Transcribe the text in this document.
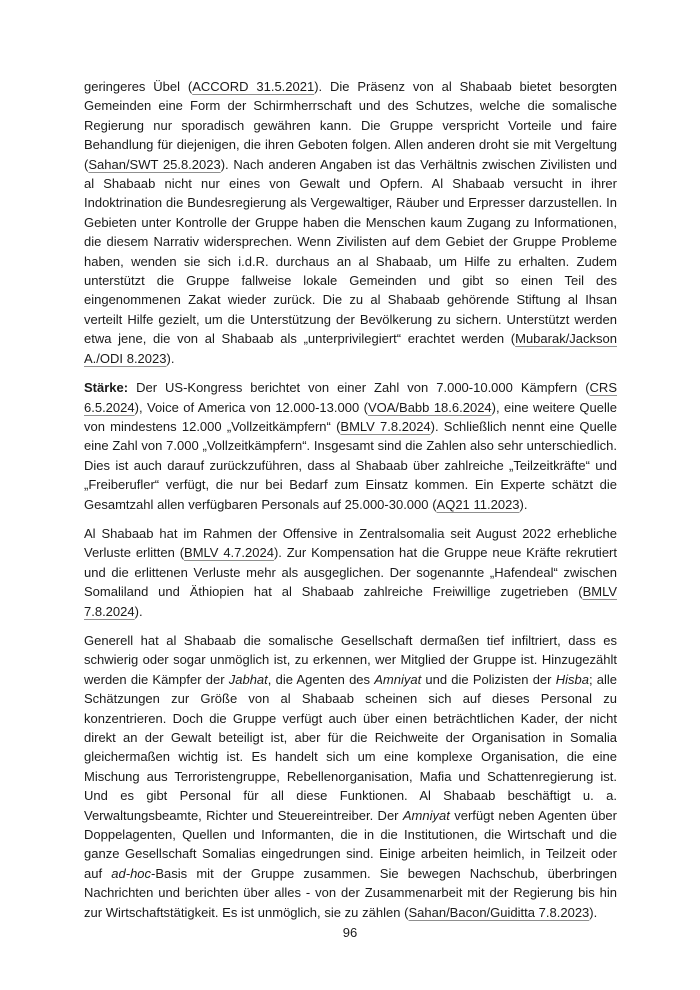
geringeres Übel (ACCORD 31.5.2021). Die Präsenz von al Shabaab bietet besorgten Gemeinden eine Form der Schirmherrschaft und des Schutzes, welche die somalische Regierung nur sporadisch gewähren kann. Die Gruppe verspricht Vorteile und faire Behandlung für diejenigen, die ihren Geboten folgen. Allen anderen droht sie mit Vergeltung (Sahan/SWT 25.8.2023). Nach anderen Angaben ist das Verhältnis zwischen Zivilisten und al Shabaab nicht nur eines von Gewalt und Opfern. Al Shabaab versucht in ihrer Indoktrination die Bundesregierung als Vergewaltiger, Räuber und Erpresser darzustellen. In Gebieten unter Kontrolle der Gruppe haben die Menschen kaum Zugang zu Informationen, die diesem Narrativ widersprechen. Wenn Zivilisten auf dem Gebiet der Gruppe Probleme haben, wenden sie sich i.d.R. durchaus an al Shabaab, um Hilfe zu erhalten. Zudem unterstützt die Gruppe fallweise lokale Gemeinden und gibt so einen Teil des eingenommenen Zakat wieder zurück. Die zu al Shabaab gehörende Stiftung al Ihsan verteilt Hilfe gezielt, um die Unterstützung der Bevölkerung zu sichern. Unterstützt werden etwa jene, die von al Shabaab als „unterprivilegiert“ erachtet werden (Mubarak/Jackson A./ODI 8.2023).

Stärke: Der US-Kongress berichtet von einer Zahl von 7.000-10.000 Kämpfern (CRS 6.5.2024), Voice of America von 12.000-13.000 (VOA/Babb 18.6.2024), eine weitere Quelle von mindestens 12.000 „Vollzeitkämpfern“ (BMLV 7.8.2024). Schließlich nennt eine Quelle eine Zahl von 7.000 „Vollzeitkämpfern“. Insgesamt sind die Zahlen also sehr unterschiedlich. Dies ist auch darauf zurückzuführen, dass al Shabaab über zahlreiche „Teilzeitkräfte“ und „Freiberufler“ verfügt, die nur bei Bedarf zum Einsatz kommen. Ein Experte schätzt die Gesamtzahl allen verfügbaren Personals auf 25.000-30.000 (AQ21 11.2023).

Al Shabaab hat im Rahmen der Offensive in Zentralsomalia seit August 2022 erhebliche Verluste erlitten (BMLV 4.7.2024). Zur Kompensation hat die Gruppe neue Kräfte rekrutiert und die erlittenen Verluste mehr als ausgeglichen. Der sogenannte „Hafendeal“ zwischen Somaliland und Äthiopien hat al Shabaab zahlreiche Freiwillige zugetrieben (BMLV 7.8.2024).

Generell hat al Shabaab die somalische Gesellschaft dermaßen tief infiltriert, dass es schwierig oder sogar unmöglich ist, zu erkennen, wer Mitglied der Gruppe ist. Hinzugezählt werden die Kämpfer der Jabhat, die Agenten des Amniyat und die Polizisten der Hisba; alle Schätzungen zur Größe von al Shabaab scheinen sich auf dieses Personal zu konzentrieren. Doch die Gruppe verfügt auch über einen beträchtlichen Kader, der nicht direkt an der Gewalt beteiligt ist, aber für die Reichweite der Organisation in Somalia gleichermaßen wichtig ist. Es handelt sich um eine komplexe Organisation, die eine Mischung aus Terroristengruppe, Rebellenorganisation, Mafia und Schattenregierung ist. Und es gibt Personal für all diese Funktionen. Al Shabaab beschäftigt u. a. Verwaltungsbeamte, Richter und Steuereintreiber. Der Amniyat verfügt neben Agenten über Doppelagenten, Quellen und Informanten, die in die Institutionen, die Wirtschaft und die ganze Gesellschaft Somalias eingedrungen sind. Einige arbeiten heimlich, in Teilzeit oder auf ad-hoc-Basis mit der Gruppe zusammen. Sie bewegen Nachschub, überbringen Nachrichten und berichten über alles - von der Zusammenarbeit mit der Regierung bis hin zur Wirtschaftstätigkeit. Es ist unmöglich, sie zu zählen (Sahan/Bacon/Guiditta 7.8.2023).

96
